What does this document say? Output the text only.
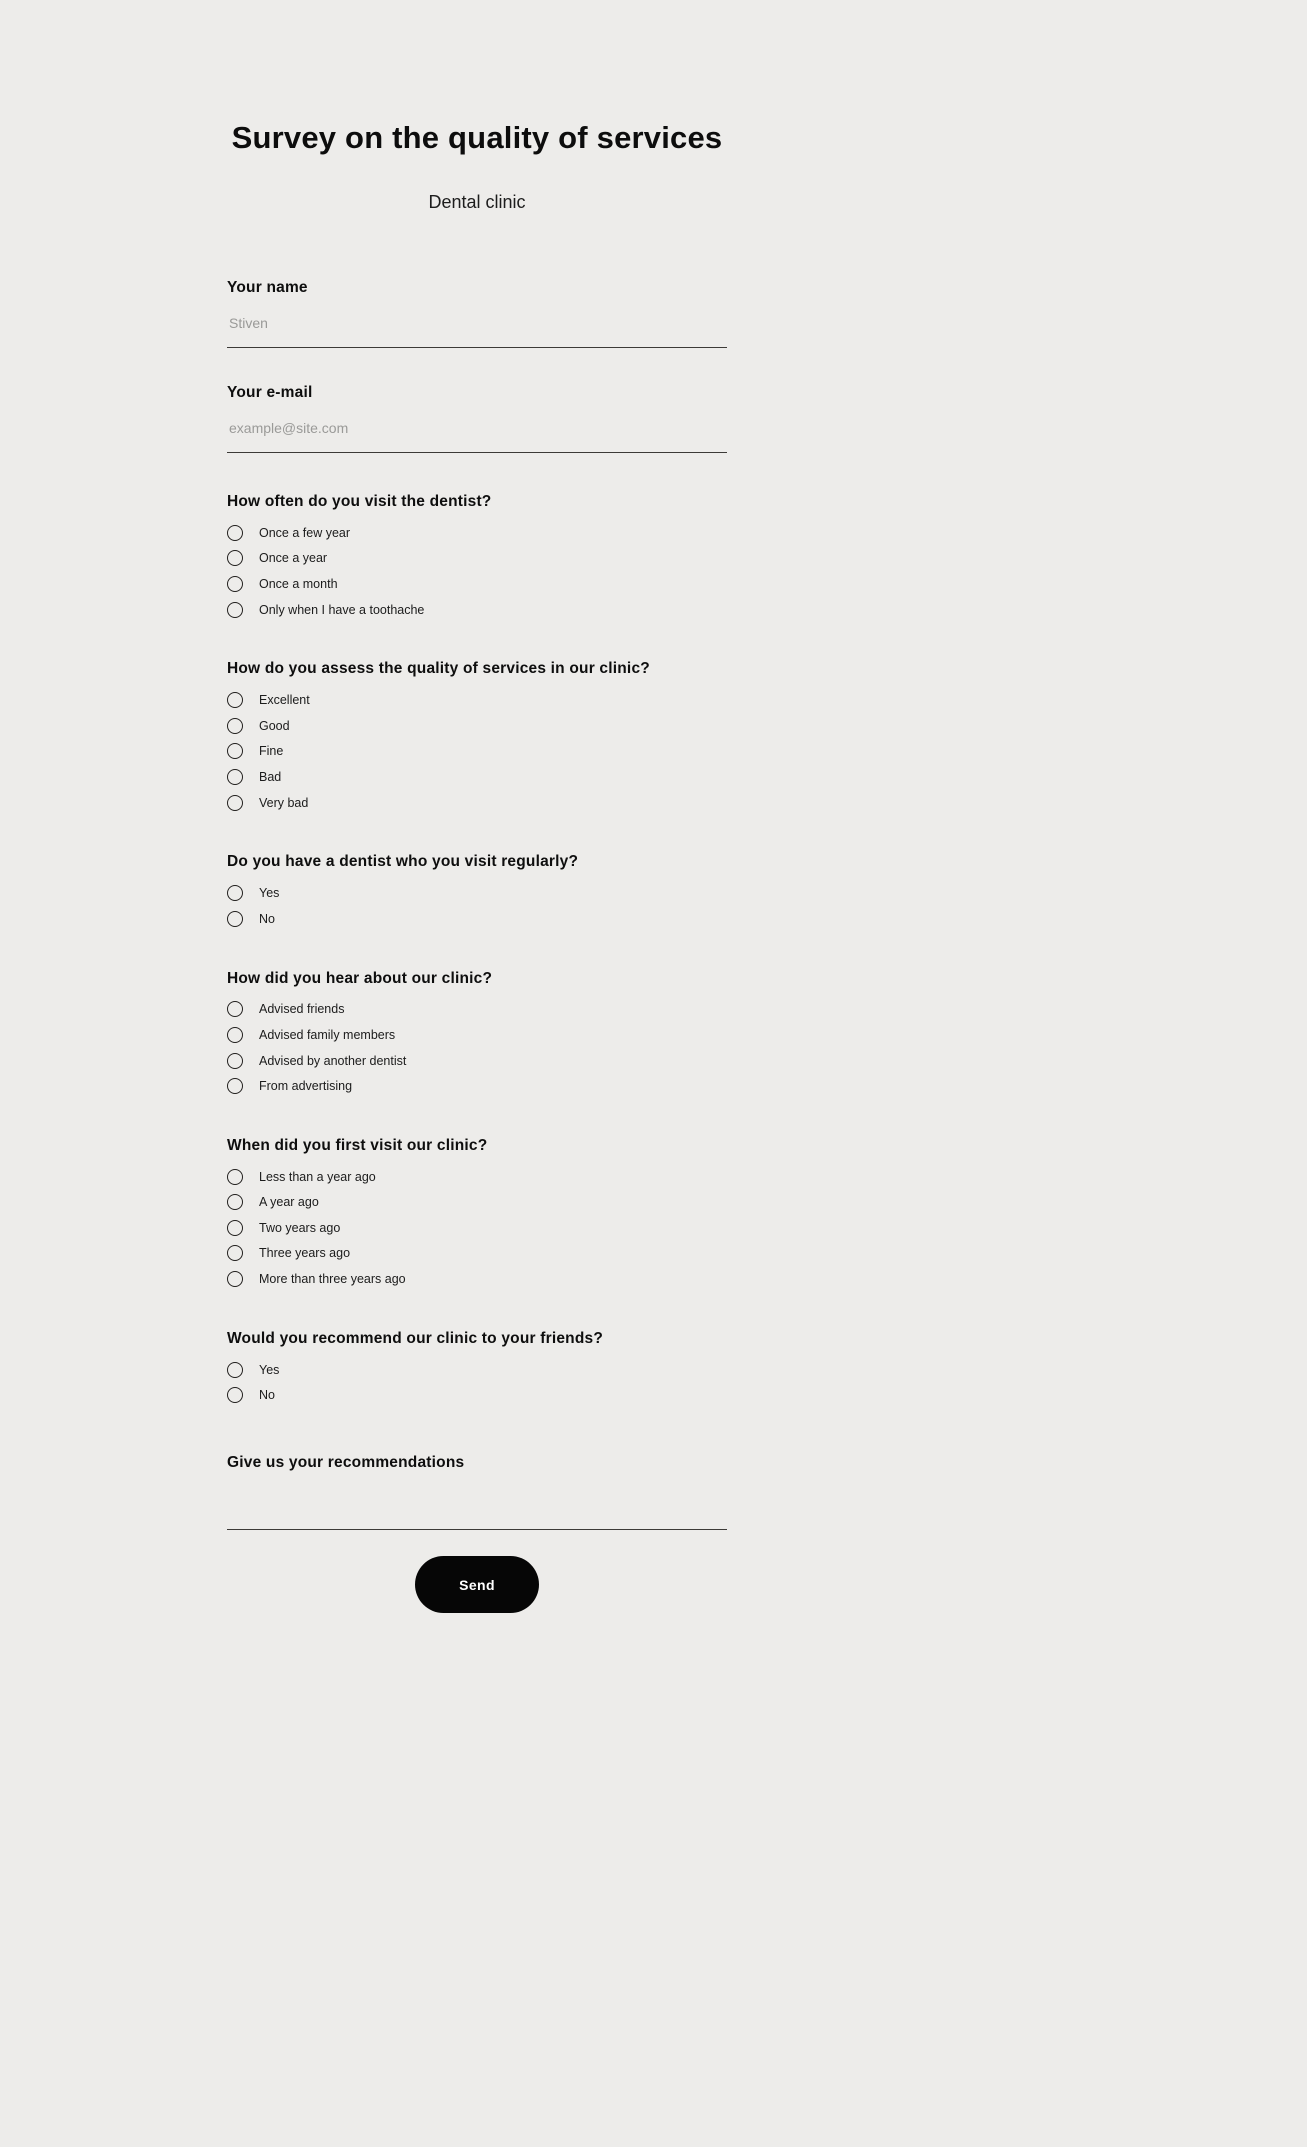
Survey on the quality of services
Dental clinic
Your name
Stiven
Your e-mail
example@site.com
How often do you visit the dentist?
Once a few year
Once a year
Once a month
Only when I have a toothache
How do you assess the quality of services in our clinic?
Excellent
Good
Fine
Bad
Very bad
Do you have a dentist who you visit regularly?
Yes
No
How did you hear about our clinic?
Advised friends
Advised family members
Advised by another dentist
From advertising
When did you first visit our clinic?
Less than a year ago
A year ago
Two years ago
Three years ago
More than three years ago
Would you recommend our clinic to your friends?
Yes
No
Give us your recommendations
Send
